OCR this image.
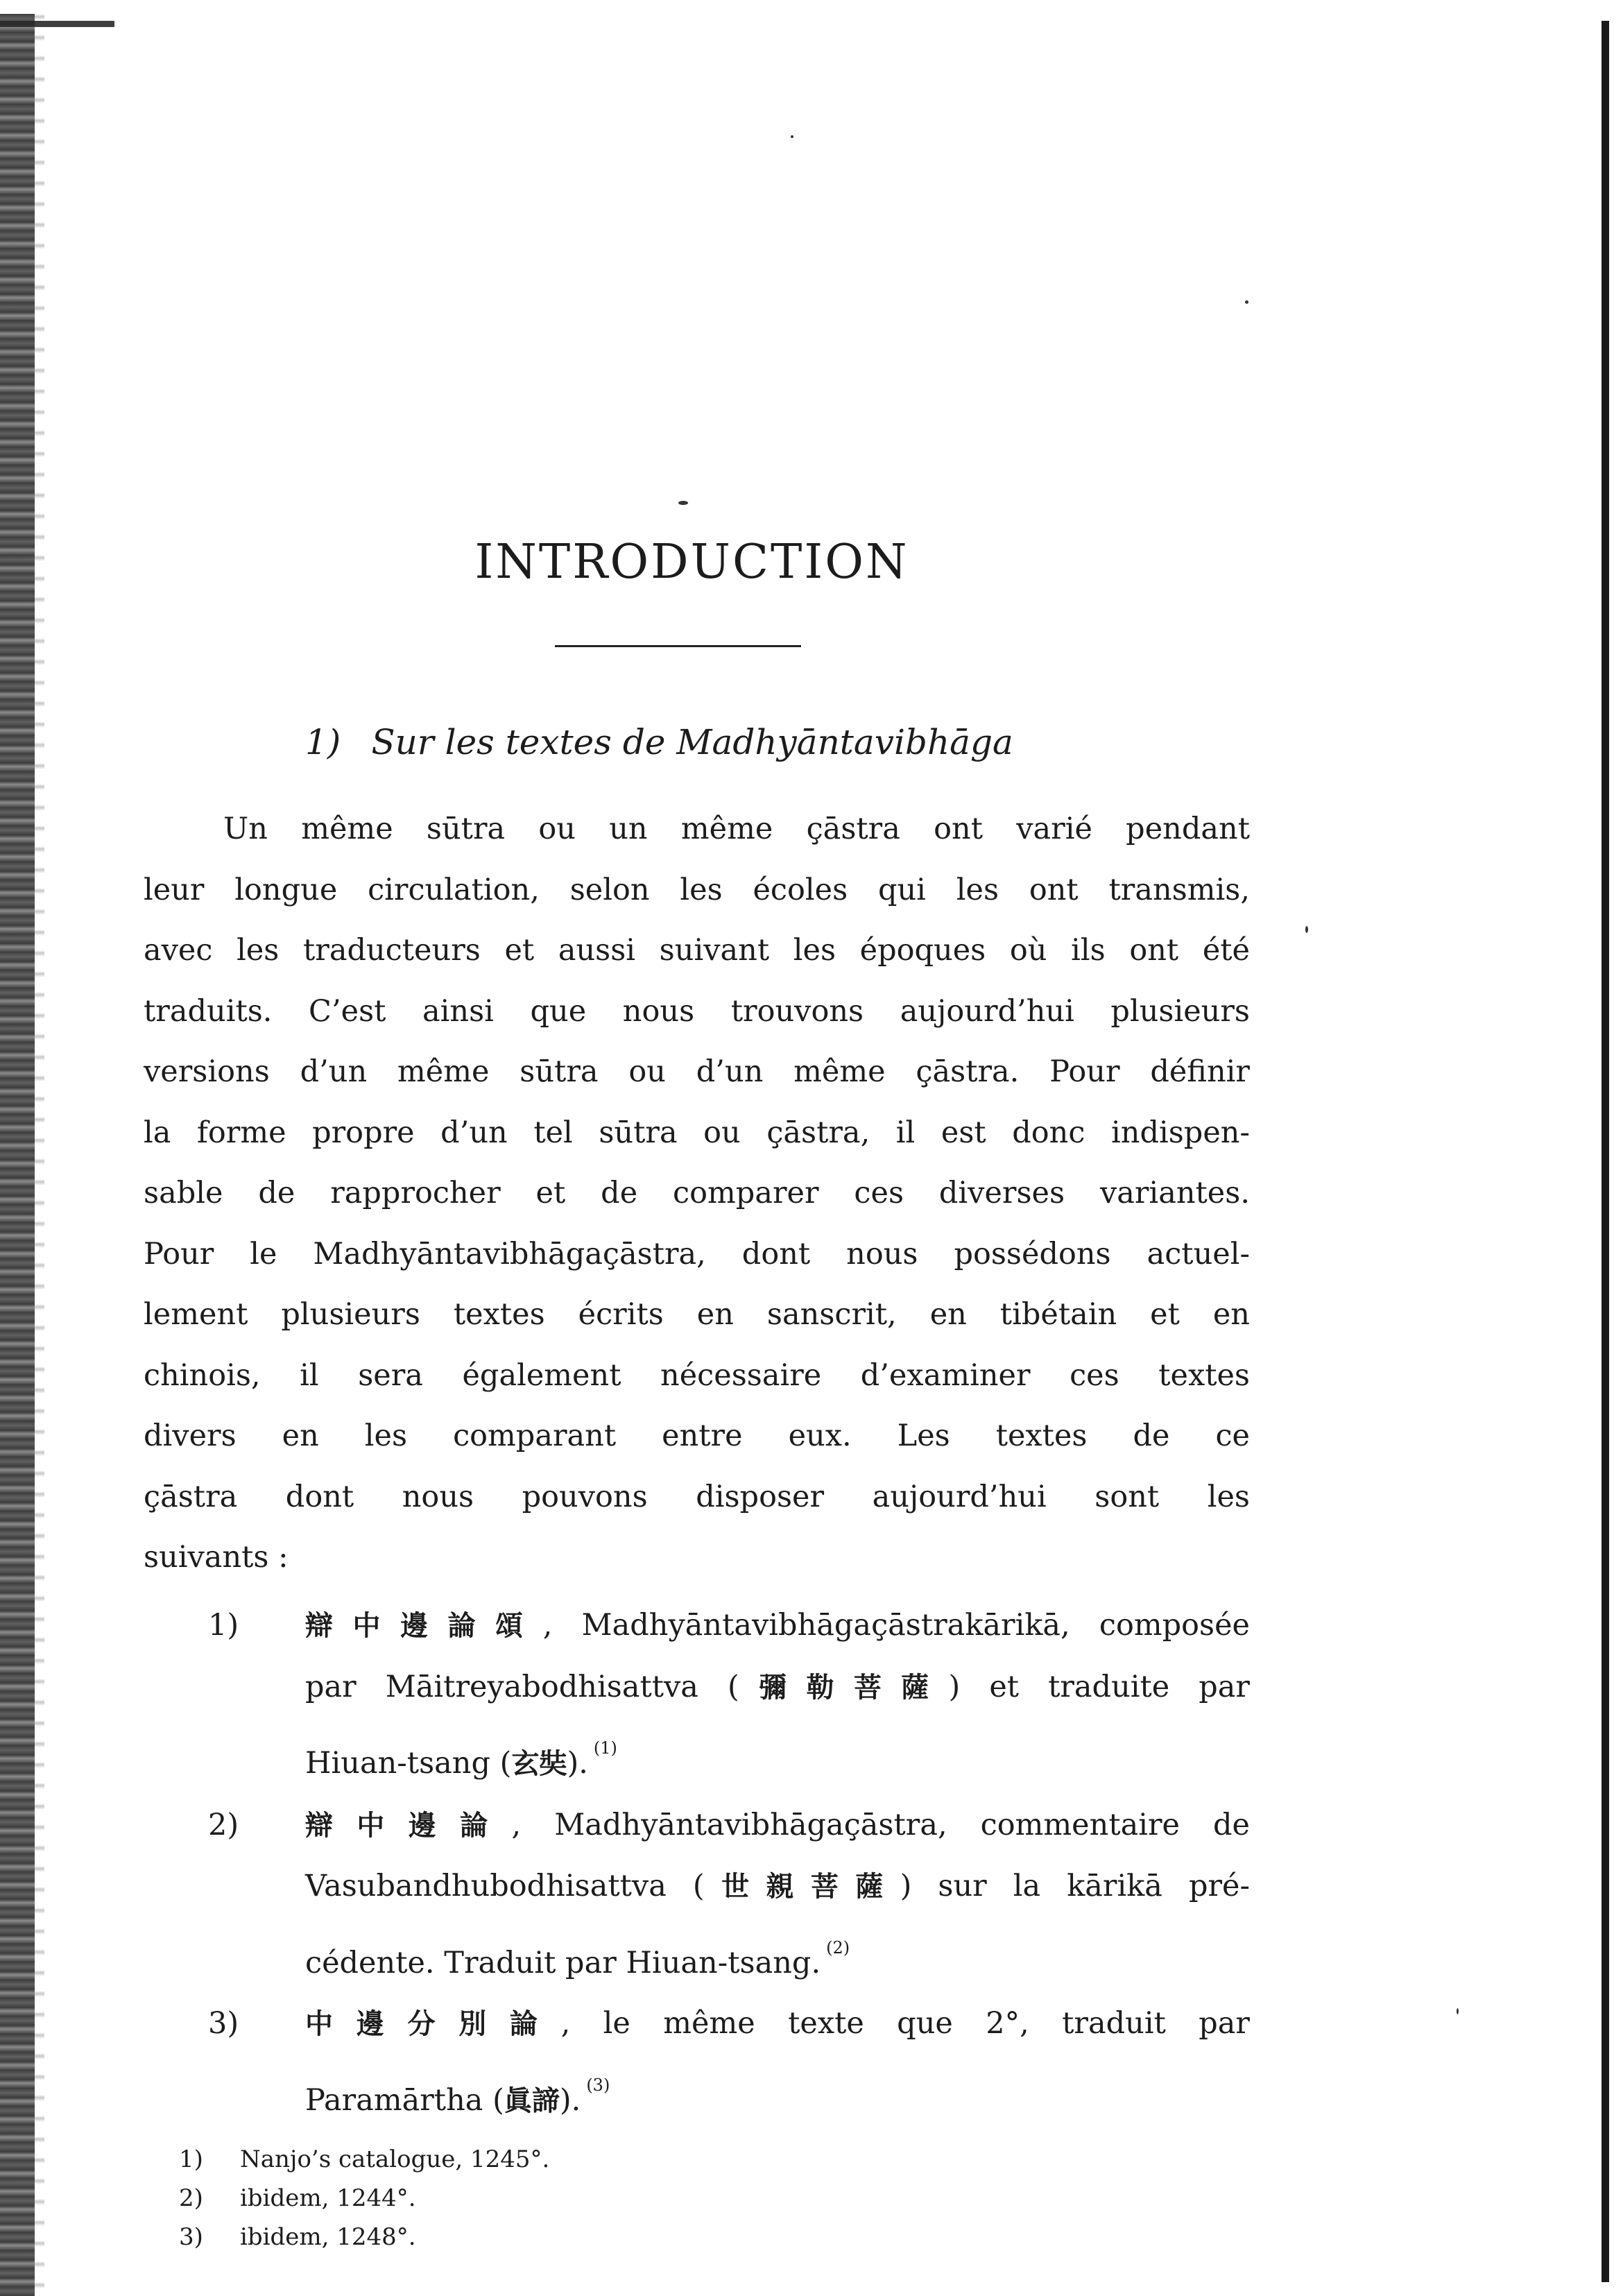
INTRODUCTION
1) Sur les textes de Madhyāntavibhāga

Un même sūtra ou un même çāstra ont varié pendant
leur longue circulation, selon les écoles qui les ont transmis,
avec les traducteurs et aussi suivant les époques où ils ont été
traduits. C’est ainsi que nous trouvons aujourd’hui plusieurs
versions d’un même sūtra ou d’un même çāstra. Pour définir
la forme propre d’un tel sūtra ou çāstra, il est donc indispen-
sable de rapprocher et de comparer ces diverses variantes.
Pour le Madhyāntavibhāgaçāstra, dont nous possédons actuel-
lement plusieurs textes écrits en sanscrit, en tibétain et en
chinois, il sera également nécessaire d’examiner ces textes
divers en les comparant entre eux. Les textes de ce
çāstra dont nous pouvons disposer aujourd’hui sont les
suivants :

1) 辯中邊論頌, Madhyāntavibhāgaçāstrakārikā, composée
par Māitreyabodhisattva (彌勒菩薩) et traduite par
Hiuan-tsang (玄奘). $^{(1)}$
2) 辯中邊論, Madhyāntavibhāgaçāstra, commentaire de
Vasubandhubodhisattva (世親菩薩) sur la kārikā pré-
cédente. Traduit par Hiuan-tsang. $^{(2)}$
3) 中邊分別論, le même texte que 2°, traduit par
Paramārtha (眞諦). $^{(3)}$
1) Nanjo’s catalogue, 1245°.
2) ibidem, 1244°.
3) ibidem, 1248°.
